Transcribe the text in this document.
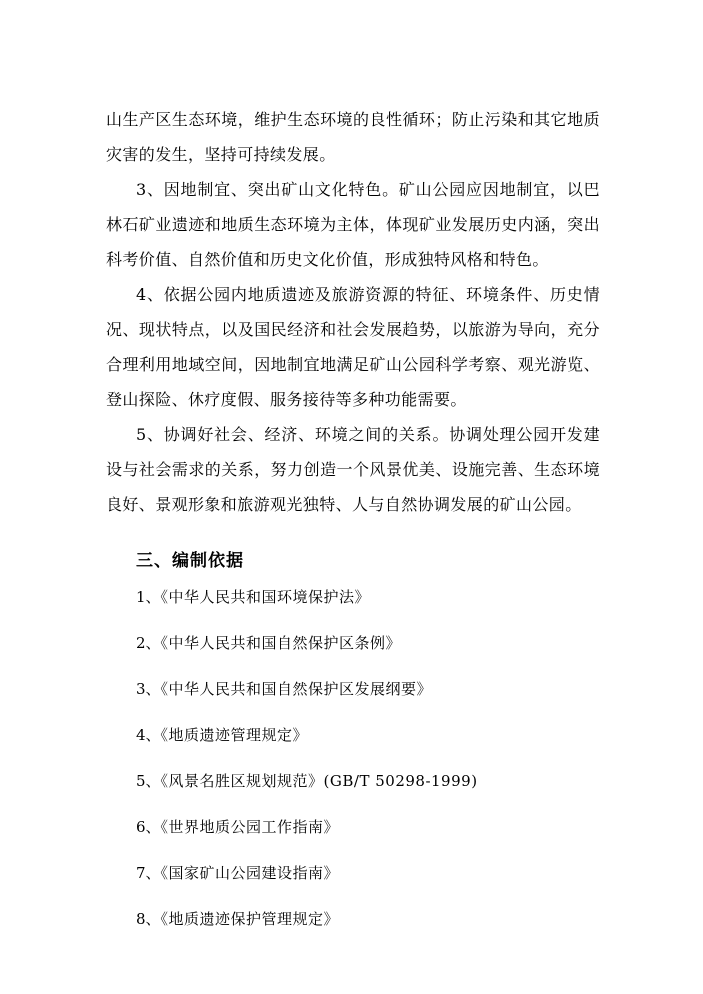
山生产区生态环境，维护生态环境的良性循环；防止污染和其它地质灾害的发生，坚持可持续发展。

3、因地制宜、突出矿山文化特色。矿山公园应因地制宜，以巴林石矿业遗迹和地质生态环境为主体，体现矿业发展历史内涵，突出科考价值、自然价值和历史文化价值，形成独特风格和特色。

4、依据公园内地质遗迹及旅游资源的特征、环境条件、历史情况、现状特点，以及国民经济和社会发展趋势，以旅游为导向，充分合理利用地域空间，因地制宜地满足矿山公园科学考察、观光游览、登山探险、休疗度假、服务接待等多种功能需要。

5、协调好社会、经济、环境之间的关系。协调处理公园开发建设与社会需求的关系，努力创造一个风景优美、设施完善、生态环境良好、景观形象和旅游观光独特、人与自然协调发展的矿山公园。

三、编制依据
1、《中华人民共和国环境保护法》
2、《中华人民共和国自然保护区条例》
3、《中华人民共和国自然保护区发展纲要》
4、《地质遗迹管理规定》
5、《风景名胜区规划规范》(GB/T 50298-1999)
6、《世界地质公园工作指南》
7、《国家矿山公园建设指南》
8、《地质遗迹保护管理规定》
